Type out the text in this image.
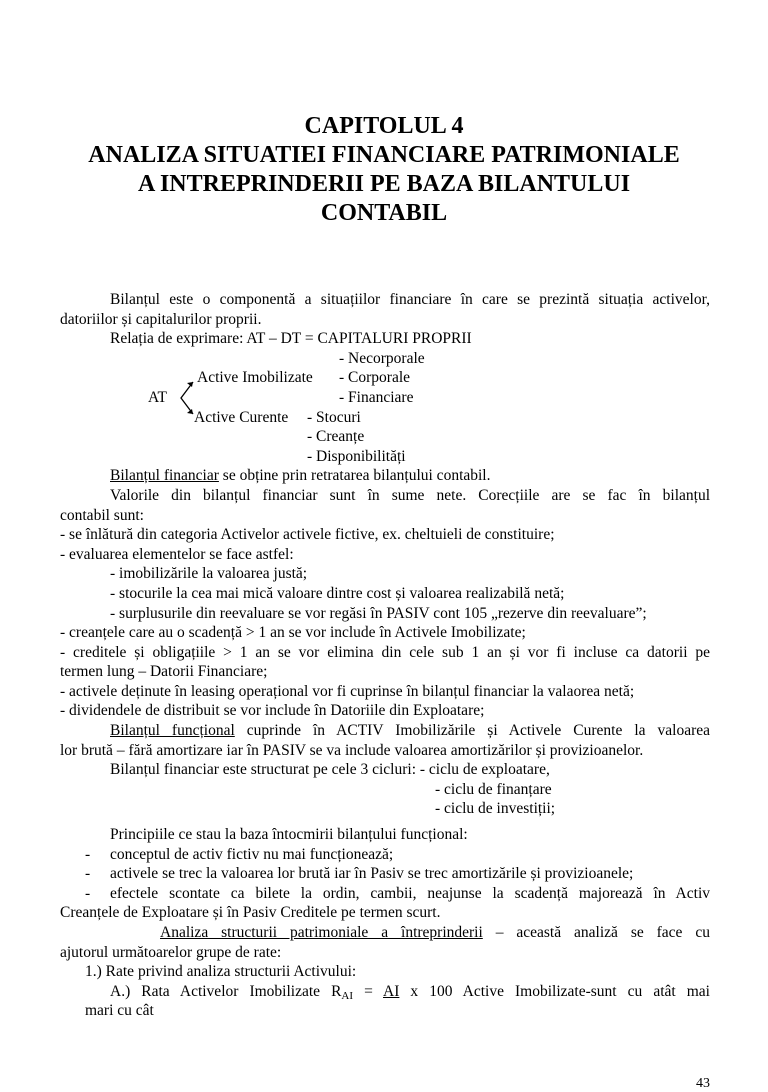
CAPITOLUL 4
ANALIZA SITUATIEI FINANCIARE PATRIMONIALE
A INTREPRINDERII PE BAZA BILANTULUI
CONTABIL
Bilanțul este o componentă a situațiilor financiare în care se prezintă situația activelor,
datoriilor și capitalurilor proprii.
Relația de exprimare: AT – DT = CAPITALURI PROPRII
- Necorporale
Active Imobilizate - Corporale
AT	- Financiare
Active Curente - Stocuri
- Creanțe
- Disponibilități
Bilanțul financiar se obține prin retratarea bilanțului contabil.
Valorile din bilanțul financiar sunt în sume nete. Corecțiile are se fac în bilanțul
contabil sunt:
- se înlătură din categoria Activelor activele fictive, ex. cheltuieli de constituire;
- evaluarea elementelor se face astfel:
- imobilizările la valoarea justă;
- stocurile la cea mai mică valoare dintre cost și valoarea realizabilă netă;
- surplusurile din reevaluare se vor regăsi în PASIV cont 105 „rezerve din reevaluare”;
- creanțele care au o scadență > 1 an se vor include în Activele Imobilizate;
- creditele și obligațiile > 1 an se vor elimina din cele sub 1 an și vor fi incluse ca datorii pe
termen lung – Datorii Financiare;
- activele deținute în leasing operațional vor fi cuprinse în bilanțul financiar la valaorea netă;
- dividendele de distribuit se vor include în Datoriile din Exploatare;
Bilanțul funcțional cuprinde în ACTIV Imobilizările și Activele Curente la valoarea
lor brută – fără amortizare iar în PASIV se va include valoarea amortizărilor și provizioanelor.
Bilanțul financiar este structurat pe cele 3 cicluri: - ciclu de exploatare,
- ciclu de finanțare
- ciclu de investiții;
Principiile ce stau la baza întocmirii bilanțului funcțional:
- conceptul de activ fictiv nu mai funcționează;
- activele se trec la valoarea lor brută iar în Pasiv se trec amortizările și provizioanele;
- efectele scontate ca bilete la ordin, cambii, neajunse la scadență majorează în Activ
Creanțele de Exploatare și în Pasiv Creditele pe termen scurt.
Analiza structurii patrimoniale a întreprinderii – această analiză se face cu
ajutorul următoarelor grupe de rate:
1.) Rate privind analiza structurii Activului:
A.) Rata Activelor Imobilizate $R_{AI}$ = AI x 100 Active Imobilizate-sunt cu atât mai
mari cu cât
43
